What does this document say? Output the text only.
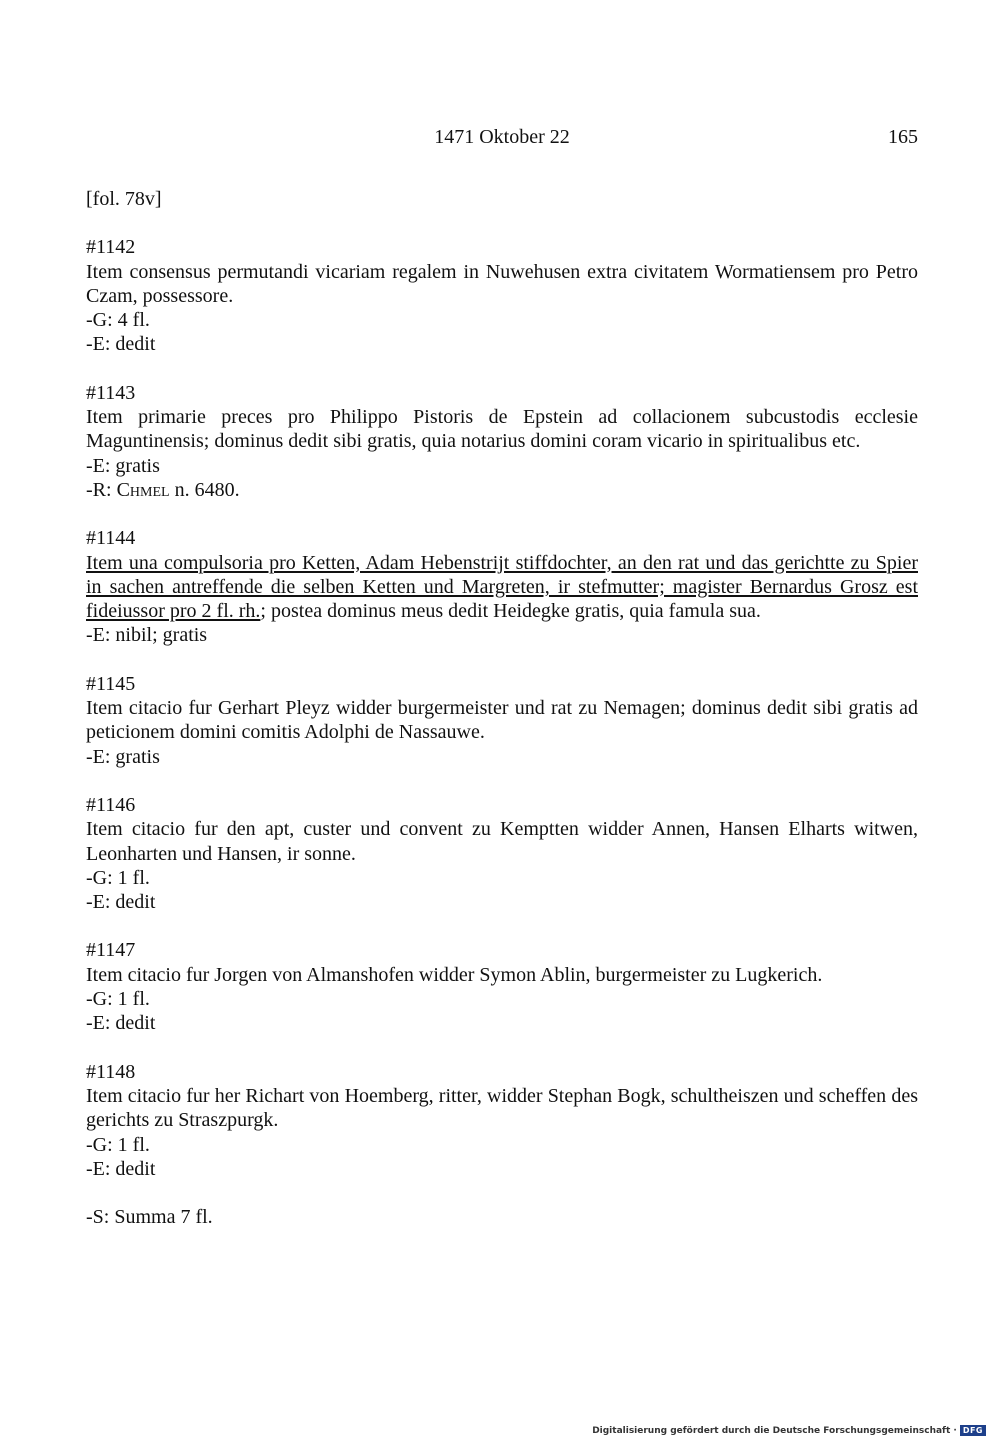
1471 Oktober 22	165
[fol. 78v]

#1142

Item consensus permutandi vicariam regalem in Nuwehusen extra civitatem Wormatiensem pro Petro Czam, possessore.

-G: 4 fl.

-E: dedit

#1143

Item primarie preces pro Philippo Pistoris de Epstein ad collacionem subcustodis ecclesie Maguntinensis; dominus dedit sibi gratis, quia notarius domini coram vicario in spiritualibus etc.

-E: gratis

-R: Chmel n. 6480.

#1144

Item una compulsoria pro Ketten, Adam Hebenstrijt stiffdochter, an den rat und das gerichtte zu Spier in sachen antreffende die selben Ketten und Margreten, ir stefmutter; magister Bernardus Grosz est fideiussor pro 2 fl. rh.; postea dominus meus dedit Heidegke gratis, quia famula sua.

-E: nibil; gratis

#1145

Item citacio fur Gerhart Pleyz widder burgermeister und rat zu Nemagen; dominus dedit sibi gratis ad peticionem domini comitis Adolphi de Nassauwe.

-E: gratis

#1146

Item citacio fur den apt, custer und convent zu Kemptten widder Annen, Hansen Elharts witwen, Leonharten und Hansen, ir sonne.

-G: 1 fl.

-E: dedit

#1147

Item citacio fur Jorgen von Almanshofen widder Symon Ablin, burgermeister zu Lugkerich.

-G: 1 fl.

-E: dedit

#1148

Item citacio fur her Richart von Hoemberg, ritter, widder Stephan Bogk, schultheiszen und scheffen des gerichts zu Straszpurgk.

-G: 1 fl.

-E: dedit

-S: Summa 7 fl.

Digitalisierung gefördert durch die Deutsche Forschungsgemeinschaft · DFG
